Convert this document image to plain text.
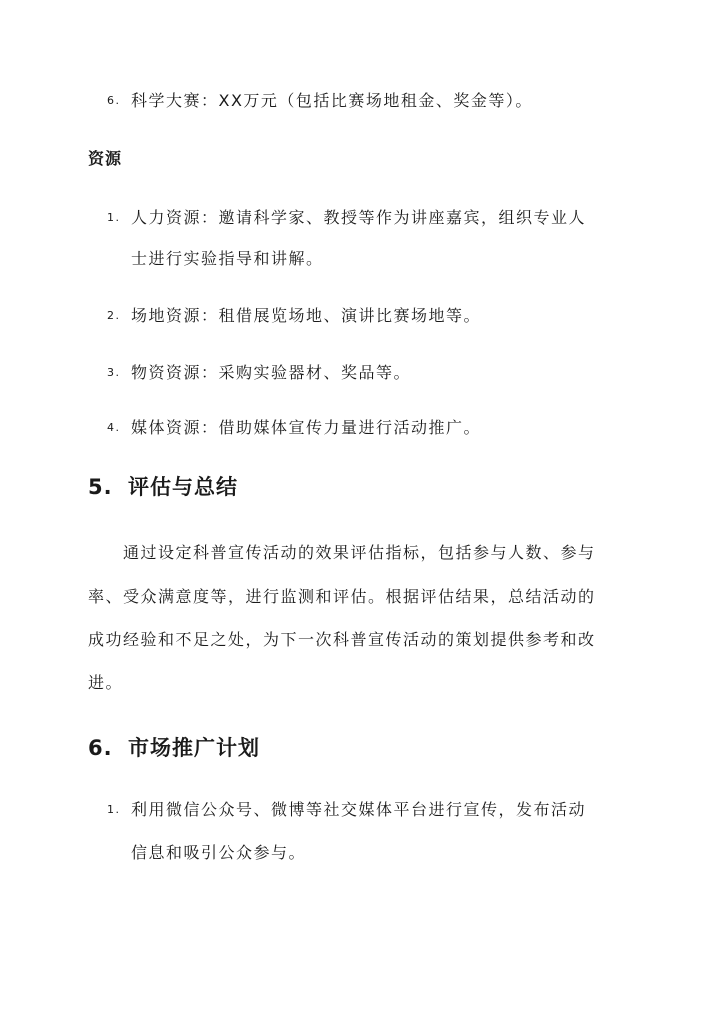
6. 科学大赛：XX万元（包括比赛场地租金、奖金等）。
资源
1. 人力资源：邀请科学家、教授等作为讲座嘉宾，组织专业人
士进行实验指导和讲解。
2. 场地资源：租借展览场地、演讲比赛场地等。
3. 物资资源：采购实验器材、奖品等。
4. 媒体资源：借助媒体宣传力量进行活动推广。
5. 评估与总结
通过设定科普宣传活动的效果评估指标，包括参与人数、参与
率、受众满意度等，进行监测和评估。根据评估结果，总结活动的
成功经验和不足之处，为下一次科普宣传活动的策划提供参考和改
进。
6. 市场推广计划
1. 利用微信公众号、微博等社交媒体平台进行宣传，发布活动
信息和吸引公众参与。
